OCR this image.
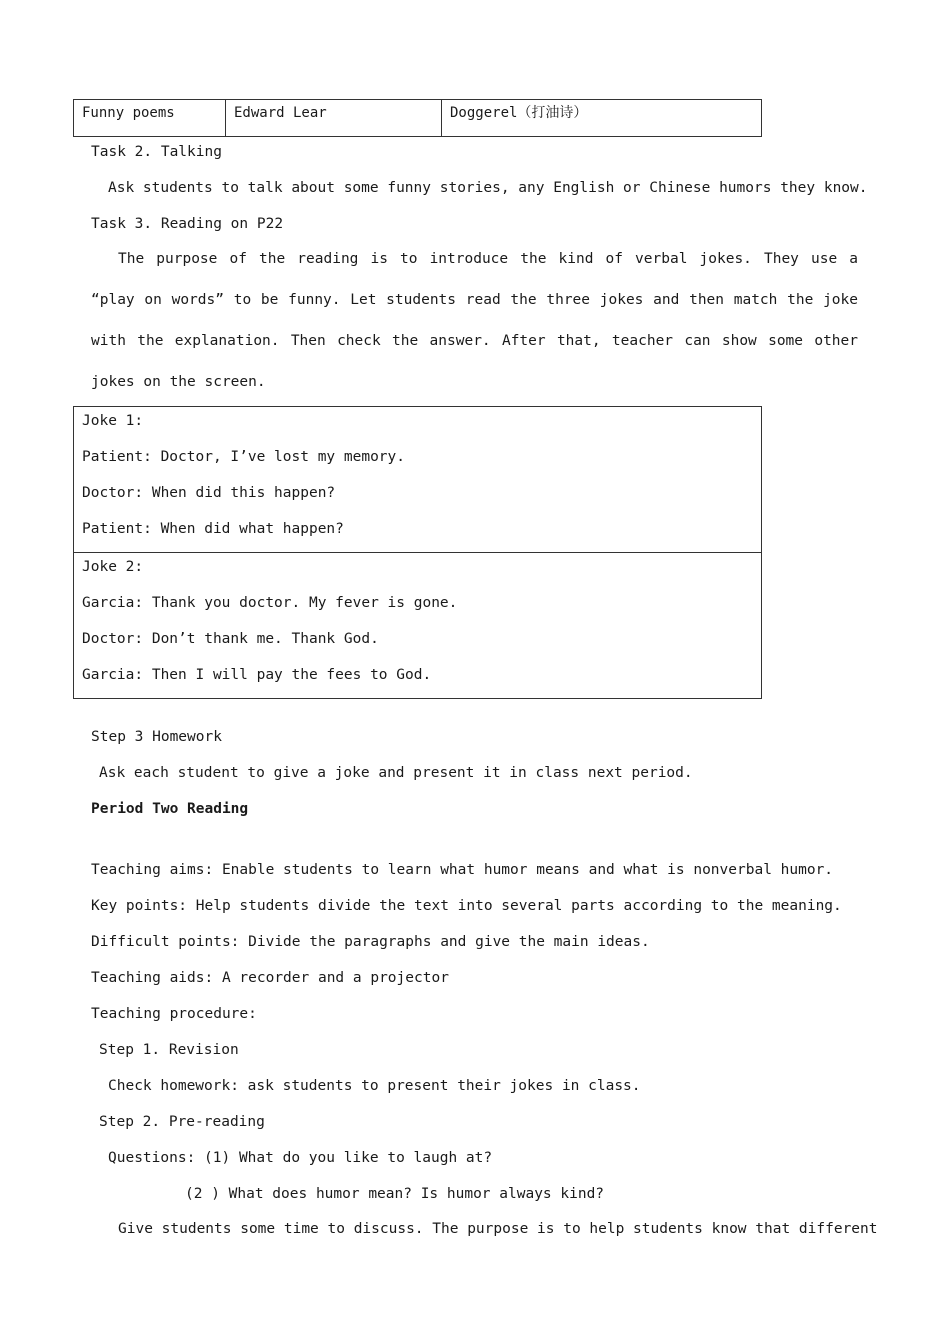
Funny poems	Edward Lear	Doggerel（打油诗）
Task 2. Talking
Ask students to talk about some funny stories, any English or Chinese humors they know.
Task 3. Reading on P22
The purpose of the reading is to introduce the kind of verbal jokes. They use a “play on words” to be funny. Let students read the three jokes and then match the joke with the explanation. Then check the answer. After that, teacher can show some other jokes on the screen.
Joke 1:
Patient: Doctor, I’ve lost my memory.
Doctor: When did this happen?
Patient: When did what happen?
Joke 2:
Garcia: Thank you doctor. My fever is gone.
Doctor: Don’t thank me. Thank God.
Garcia: Then I will pay the fees to God.
Step 3 Homework
Ask each student to give a joke and present it in class next period.
Period Two Reading
Teaching aims: Enable students to learn what humor means and what is nonverbal humor.
Key points: Help students divide the text into several parts according to the meaning.
Difficult points: Divide the paragraphs and give the main ideas.
Teaching aids: A recorder and a projector
Teaching procedure:
Step 1. Revision
Check homework: ask students to present their jokes in class.
Step 2. Pre-reading
Questions: (1) What do you like to laugh at?
(2 ) What does humor mean? Is humor always kind?
Give students some time to discuss. The purpose is to help students know that different
